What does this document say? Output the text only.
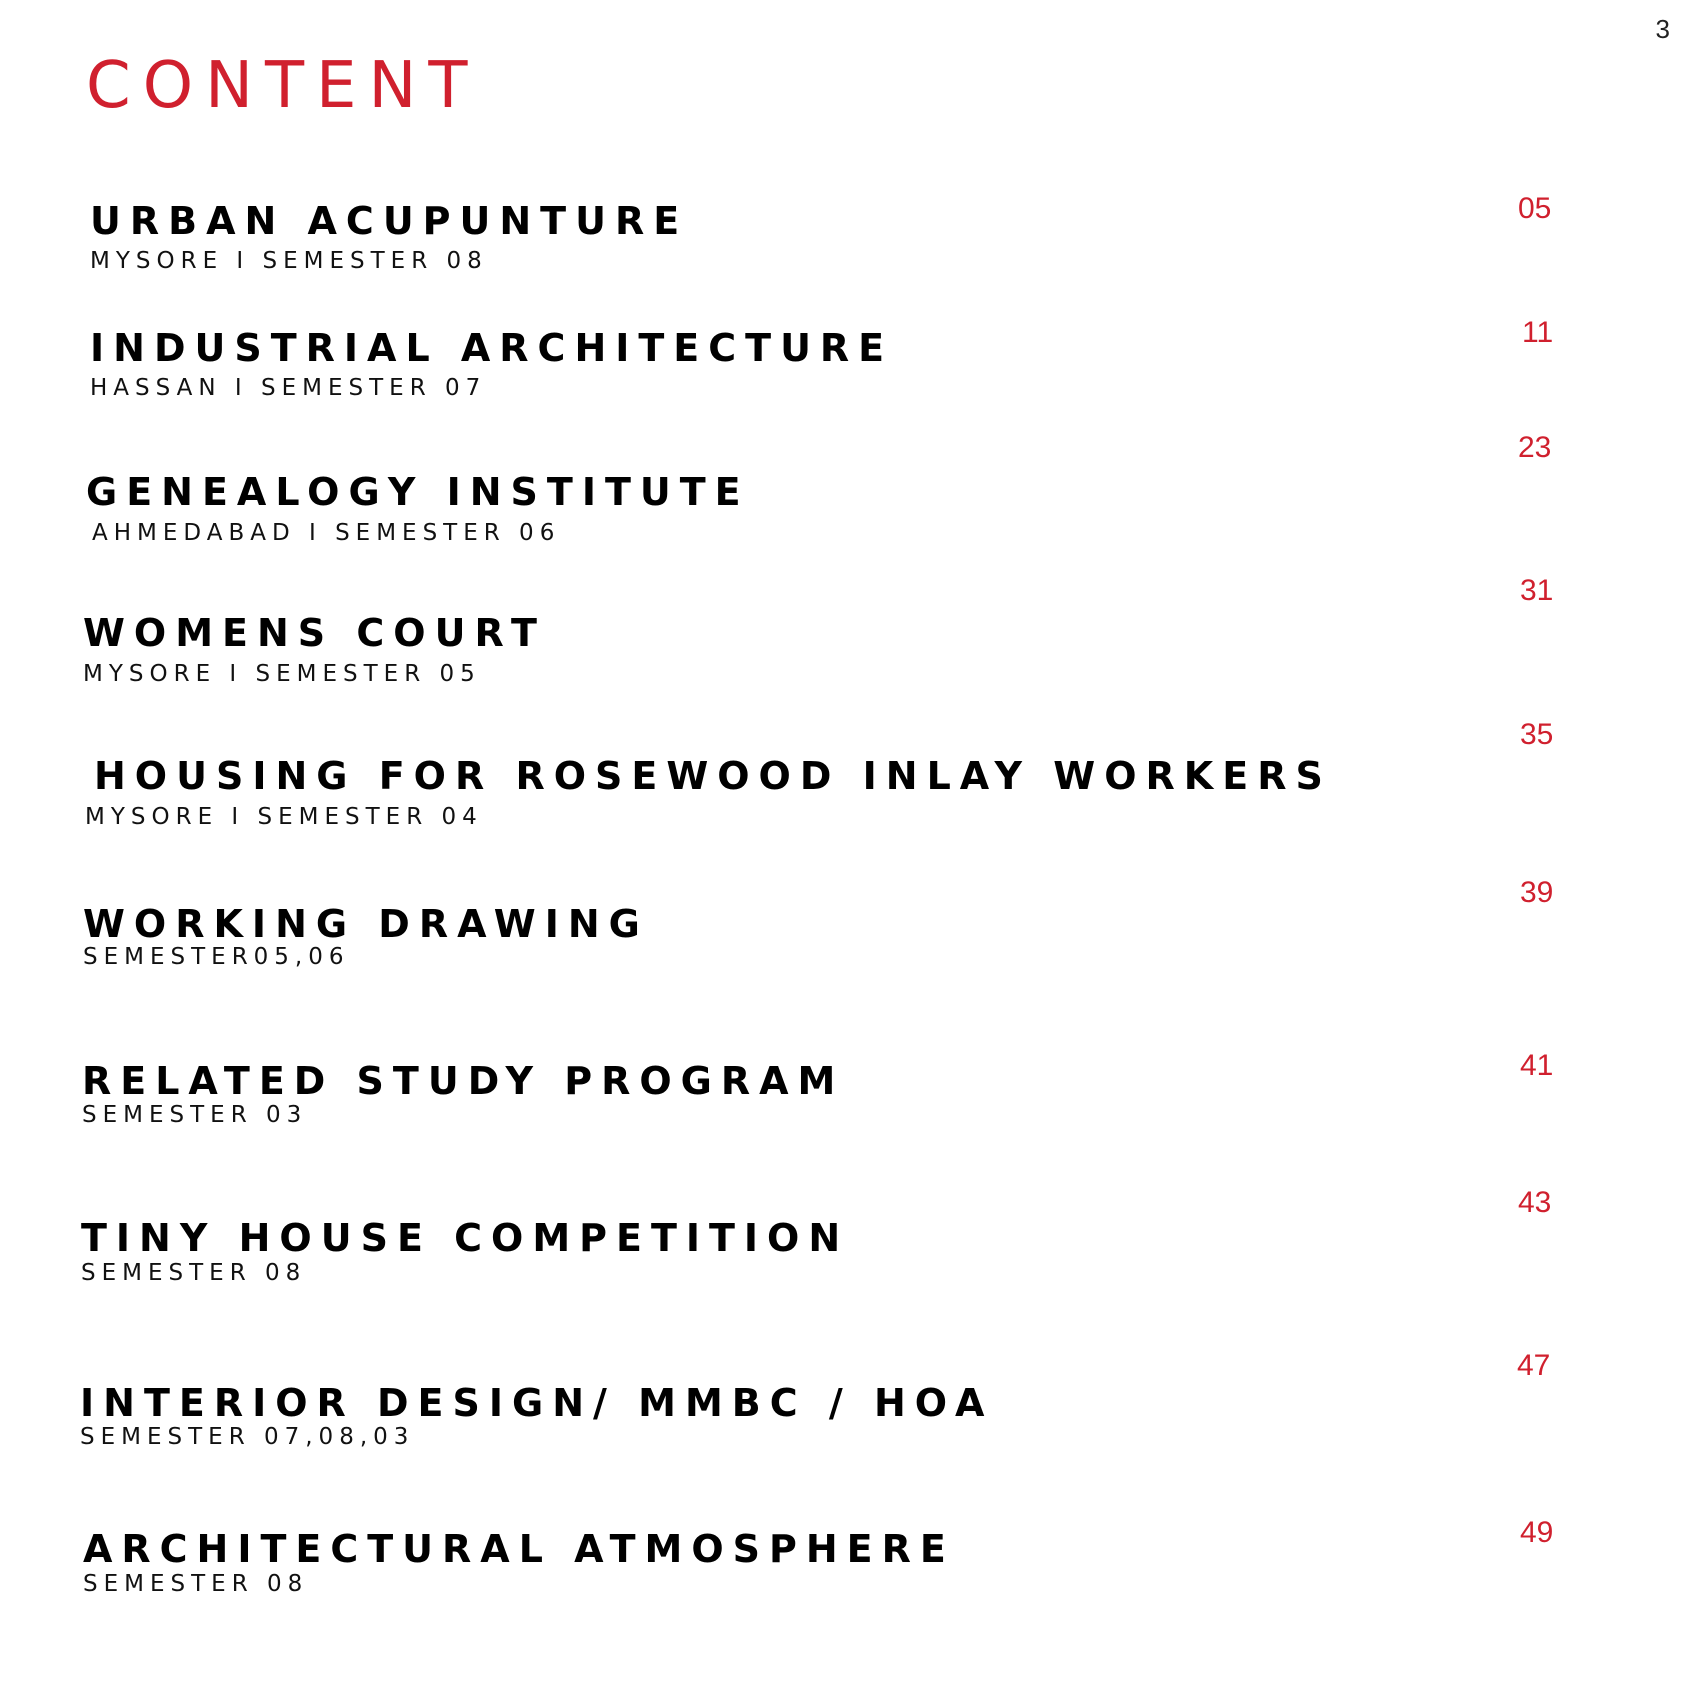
3
CONTENT
URBAN ACUPUNTURE
MYSORE I SEMESTER 08
05
INDUSTRIAL ARCHITECTURE
HASSAN I SEMESTER 07
11
GENEALOGY INSTITUTE
AHMEDABAD I SEMESTER 06
23
WOMENS COURT
MYSORE I SEMESTER 05
31
HOUSING FOR ROSEWOOD INLAY WORKERS
MYSORE I SEMESTER 04
35
WORKING DRAWING
SEMESTER05,06
39
RELATED STUDY PROGRAM
SEMESTER 03
41
TINY HOUSE COMPETITION
SEMESTER 08
43
INTERIOR DESIGN/ MMBC / HOA
SEMESTER 07,08,03
47
ARCHITECTURAL ATMOSPHERE
SEMESTER 08
49
